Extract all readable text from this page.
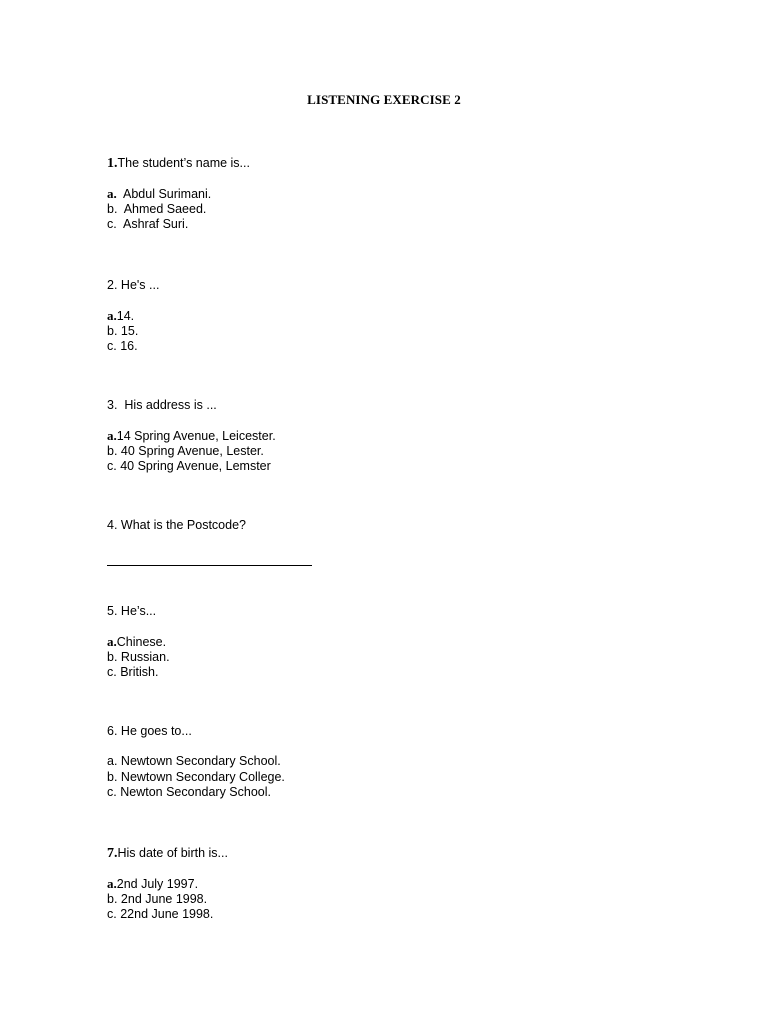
LISTENING EXERCISE 2
1.The student’s name is...
a.  Abdul Surimani.
b.  Ahmed Saeed.
c.  Ashraf Suri.
2. He's ...
a.14.
b. 15.
c. 16.
3. His address is ...
a.14 Spring Avenue, Leicester.
b. 40 Spring Avenue, Lester.
c. 40 Spring Avenue, Lemster
4. What is the Postcode?
5. He’s...
a.Chinese.
b. Russian.
c. British.
6. He goes to...
a. Newtown Secondary School.
b. Newtown Secondary College.
c. Newton Secondary School.
7.His date of birth is...
a.2nd July 1997.
b. 2nd June 1998.
c. 22nd June 1998.
